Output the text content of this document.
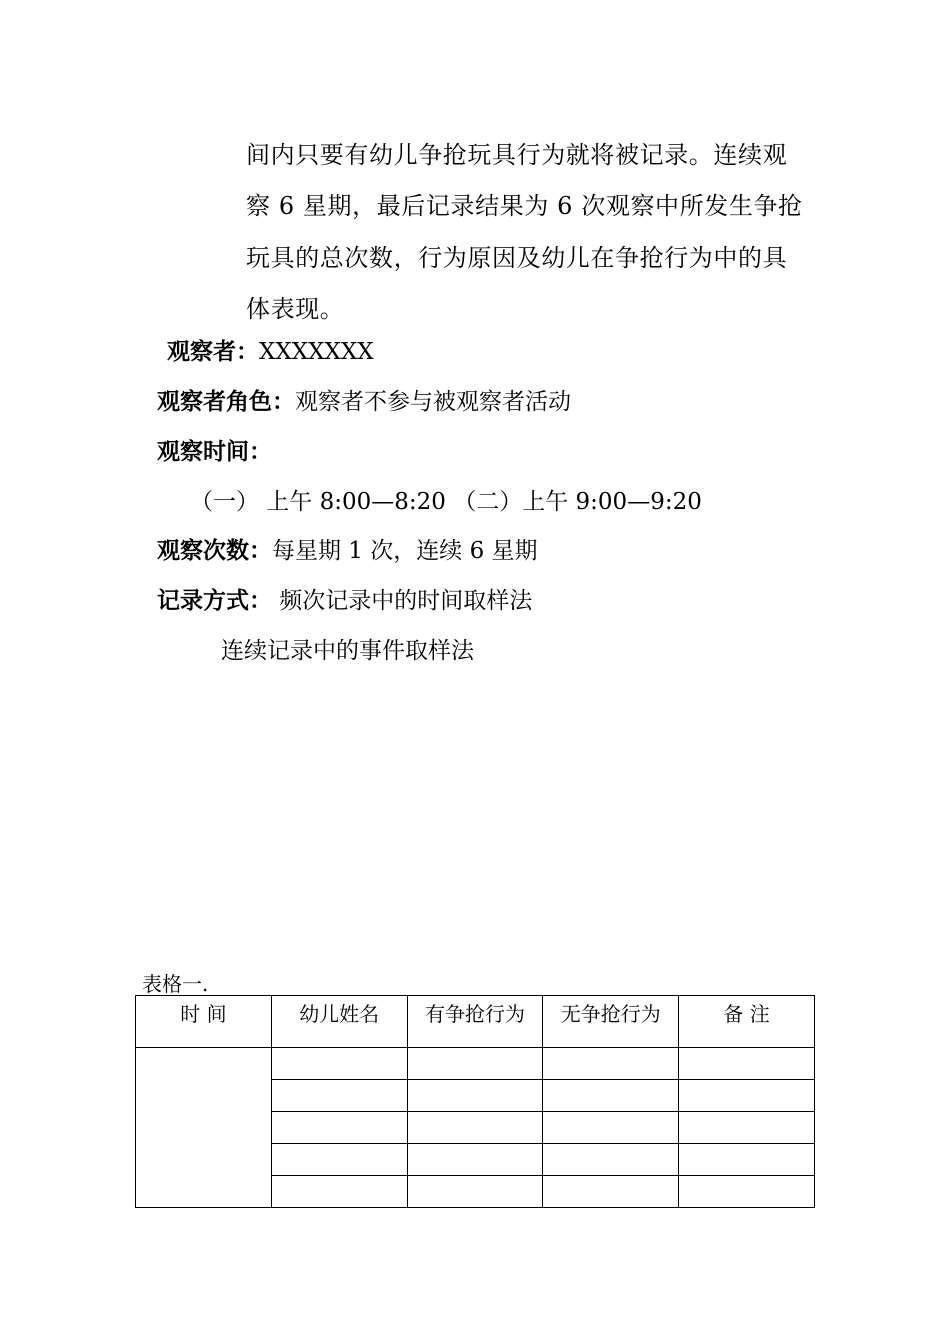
间内只要有幼儿争抢玩具行为就将被记录。连续观
察 6 星期，最后记录结果为 6 次观察中所发生争抢
玩具的总次数，行为原因及幼儿在争抢行为中的具
体表现。
观察者：XXXXXXX
观察者角色：观察者不参与被观察者活动
观察时间：
（一） 上午 8:00—8:20 （二）上午 9:00—9:20
观察次数：每星期 1 次，连续 6 星期
记录方式： 频次记录中的时间取样法
连续记录中的事件取样法
表格一.
时 间	幼儿姓名	有争抢行为	无争抢行为	备 注
